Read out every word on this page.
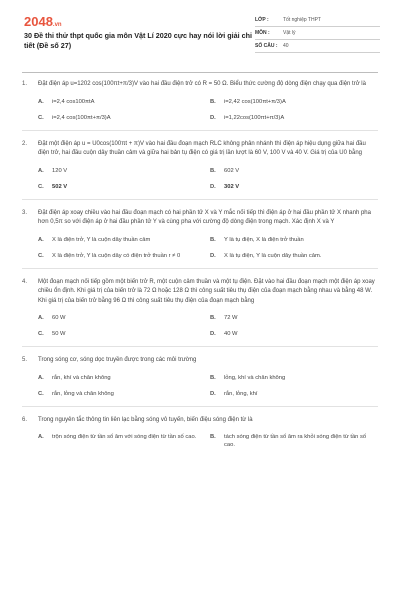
2048.vn
30 Đề thi thử thpt quốc gia môn Vật Lí 2020 cực hay nói lời giải chi tiết (Đề số 27)
LỚP :	Tốt nghiệp THPT
MÔN :	Vật lý
SỐ CÂU :	40
1. Đặt điện áp u=1202 cos(100πt+π/3)V vào hai đầu điện trở có R = 50 Ω. Biểu thức cường độ dòng điện chạy qua điện trở là
A.	i=2,4 cos100πtA	B.	i=2,42 cos(100πt+π/3)A
C.	i=2,4 cos(100πt+π/3)A	D.	i=1,22cos(100πt+π/3)A
2. Đặt một điện áp u = U0cos(100πt + π)V vào hai đầu đoạn mạch RLC không phân nhánh thì điện áp hiệu dụng giữa hai đầu điện trở, hai đầu cuộn dây thuần cảm và giữa hai bản tụ điện có giá trị lần lượt là 60 V, 100 V và 40 V. Giá trị của U0 bằng
A.	120 V	B.	602 V
C.	502 V	D.	302 V
3. Đặt điện áp xoay chiều vào hai đầu đoạn mạch có hai phần tử X và Y mắc nối tiếp thì điện áp ở hai đầu phần tử X nhanh pha hơn 0,5π so với điện áp ở hai đầu phần tử Y và cùng pha với cường độ dòng điện trong mạch. Xác định X và Y
A.	X là điện trở, Y là cuộn dây thuần cảm	B.	Y là tụ điện, X là điện trở thuần
C.	X là điện trở, Y là cuộn dây có điện trở thuần r ≠ 0	D.	X là tụ điện, Y là cuộn dây thuần cảm.
4. Một đoạn mạch nối tiếp gồm một biến trở R, một cuộn cảm thuần và một tụ điện. Đặt vào hai đầu đoạn mạch một điện áp xoay chiều ổn định. Khi giá trị của biến trở là 72 Ω hoặc 128 Ω thì công suất tiêu thụ điện của đoạn mạch bằng nhau và bằng 48 W. Khi giá trị của biến trở bằng 96 Ω thì công suất tiêu thụ điện của đoạn mạch bằng
A.	60 W	B.	72 W
C.	50 W	D.	40 W
5. Trong sóng cơ, sóng dọc truyền được trong các môi trường
A.	rắn, khí và chân không	B.	lỏng, khí và chân không
C.	rắn, lỏng và chân không	D.	rắn, lỏng, khí
6. Trong nguyên tắc thông tin liên lạc bằng sóng vô tuyến, biến điệu sóng điện từ là
A.	trộn sóng điện từ tần số âm với sóng điện từ tần số cao. B.	tách sóng điện từ tần số âm ra khỏi sóng điện từ tần số cao.
